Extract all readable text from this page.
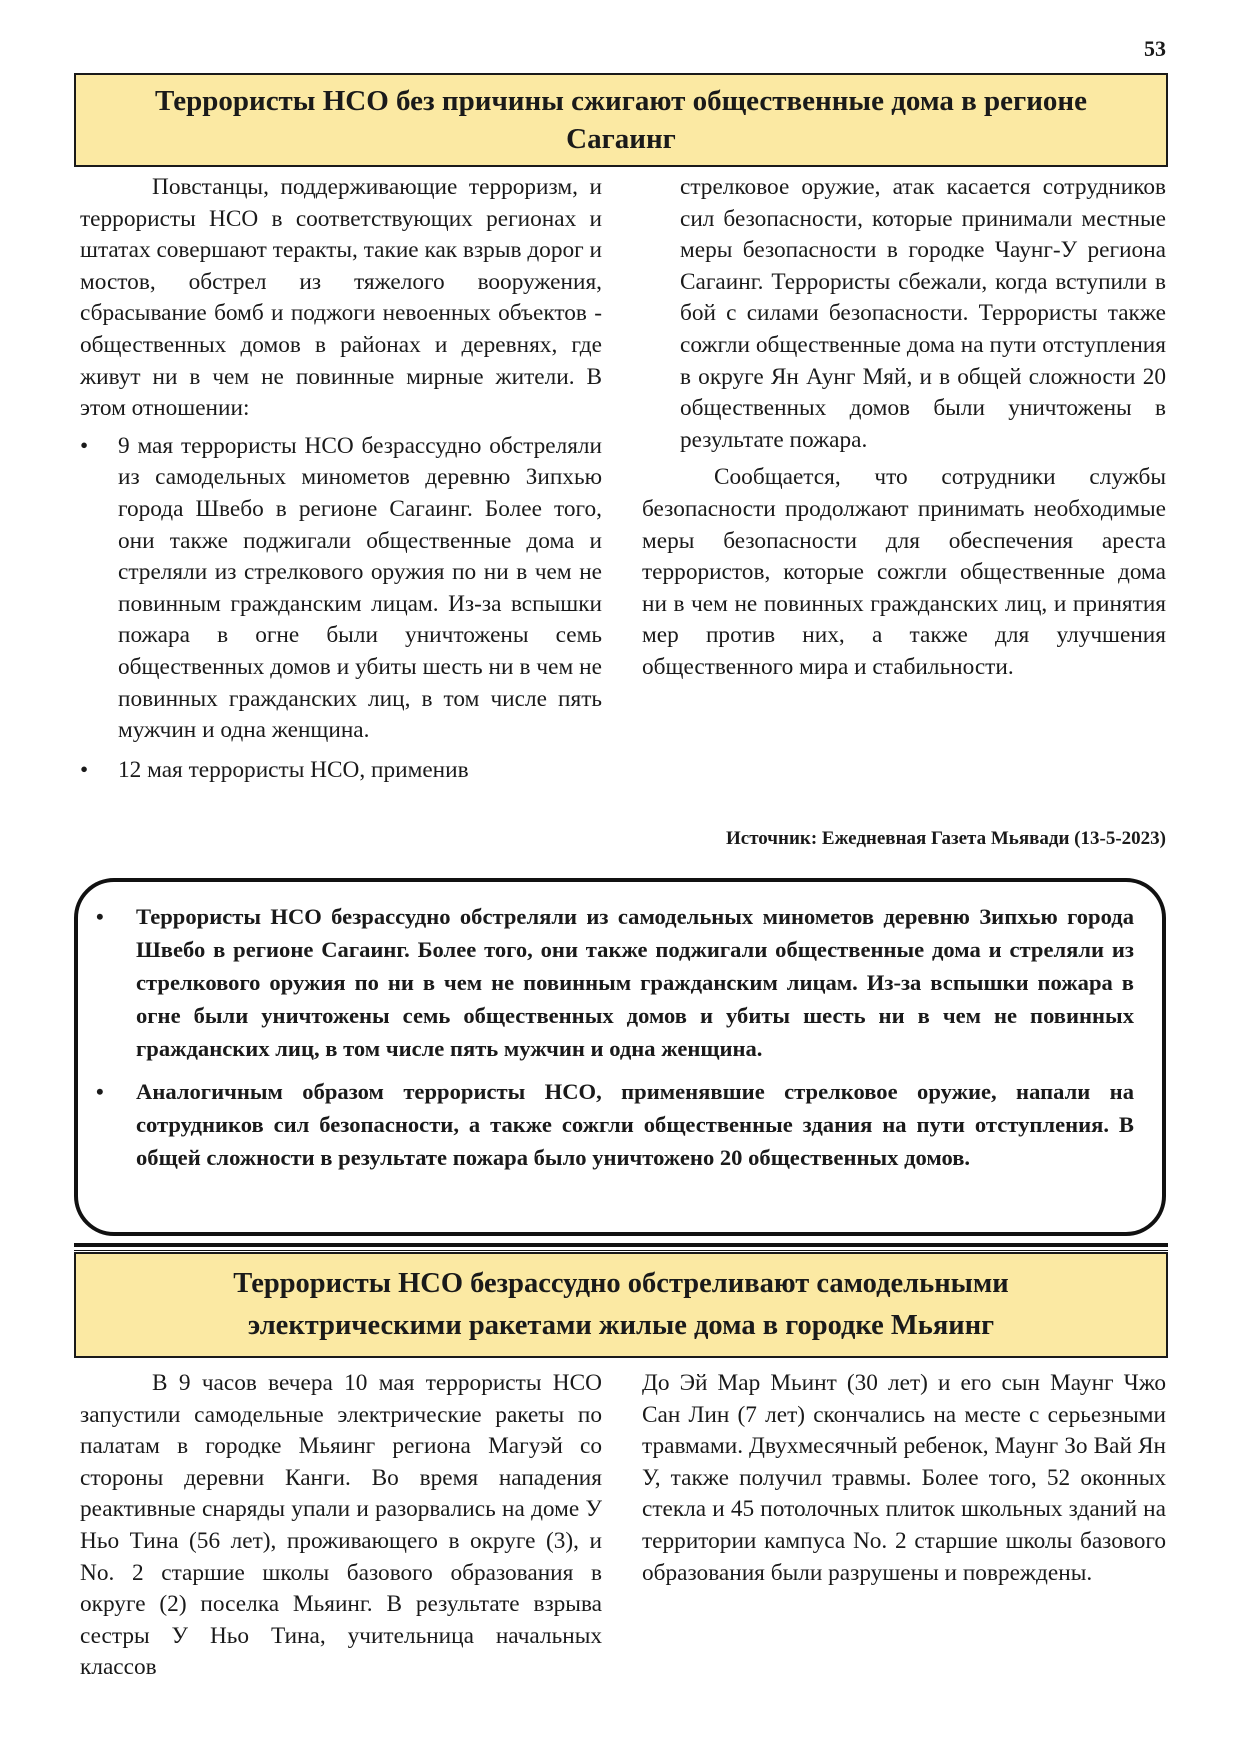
53
Террористы НСО без причины сжигают общественные дома в регионе
Сагаинг

Повстанцы, поддерживающие терроризм, и террористы НСО в соответствующих регионах и штатах совершают теракты, такие как взрыв дорог и мостов, обстрел из тяжелого вооружения, сбрасывание бомб и поджоги невоенных объектов - общественных домов в районах и деревнях, где живут ни в чем не повинные мирные жители. В этом отношении:

• 9 мая террористы НСО безрассудно обстреляли из самодельных минометов деревню Зипхью города Швебо в регионе Сагаинг. Более того, они также поджигали общественные дома и стреляли из стрелкового оружия по ни в чем не повинным гражданским лицам. Из-за вспышки пожара в огне были уничтожены семь общественных домов и убиты шесть ни в чем не повинных гражданских лиц, в том числе пять мужчин и одна женщина.
• 12 мая террористы НСО, применив

стрелковое оружие, атак касается сотрудников сил безопасности, которые принимали местные меры безопасности в городке Чаунг-У региона Сагаинг. Террористы сбежали, когда вступили в бой с силами безопасности. Террористы также сожгли общественные дома на пути отступления в округе Ян Аунг Мяй, и в общей сложности 20 общественных домов были уничтожены в результате пожара.

Сообщается, что сотрудники службы безопасности продолжают принимать необходимые меры безопасности для обеспечения ареста террористов, которые сожгли общественные дома ни в чем не повинных гражданских лиц, и принятия мер против них, а также для улучшения общественного мира и стабильности.

Источник: Ежедневная Газета Мьявади (13-5-2023)
• Террористы НСО безрассудно обстреляли из самодельных минометов деревню Зипхью города Швебо в регионе Сагаинг. Более того, они также поджигали общественные дома и стреляли из стрелкового оружия по ни в чем не повинным гражданским лицам. Из-за вспышки пожара в огне были уничтожены семь общественных домов и убиты шесть ни в чем не повинных гражданских лиц, в том числе пять мужчин и одна женщина.
• Аналогичным образом террористы НСО, применявшие стрелковое оружие, напали на сотрудников сил безопасности, а также сожгли общественные здания на пути отступления. В общей сложности в результате пожара было уничтожено 20 общественных домов.
Террористы НСО безрассудно обстреливают самодельными
электрическими ракетами жилые дома в городке Мьяинг

В 9 часов вечера 10 мая террористы НСО запустили самодельные электрические ракеты по палатам в городке Мьяинг региона Магуэй со стороны деревни Канги. Во время нападения реактивные снаряды упали и разорвались на доме У Ньо Тина (56 лет), проживающего в округе (3), и No. 2 старшие школы базового образования в округе (2) поселка Мьяинг. В результате взрыва сестры У Ньо Тина, учительница начальных классов

До Эй Мар Мьинт (30 лет) и его сын Маунг Чжо Сан Лин (7 лет) скончались на месте с серьезными травмами. Двухмесячный ребенок, Маунг Зо Вай Ян У, также получил травмы. Более того, 52 оконных стекла и 45 потолочных плиток школьных зданий на территории кампуса No. 2 старшие школы базового образования были разрушены и повреждены.
